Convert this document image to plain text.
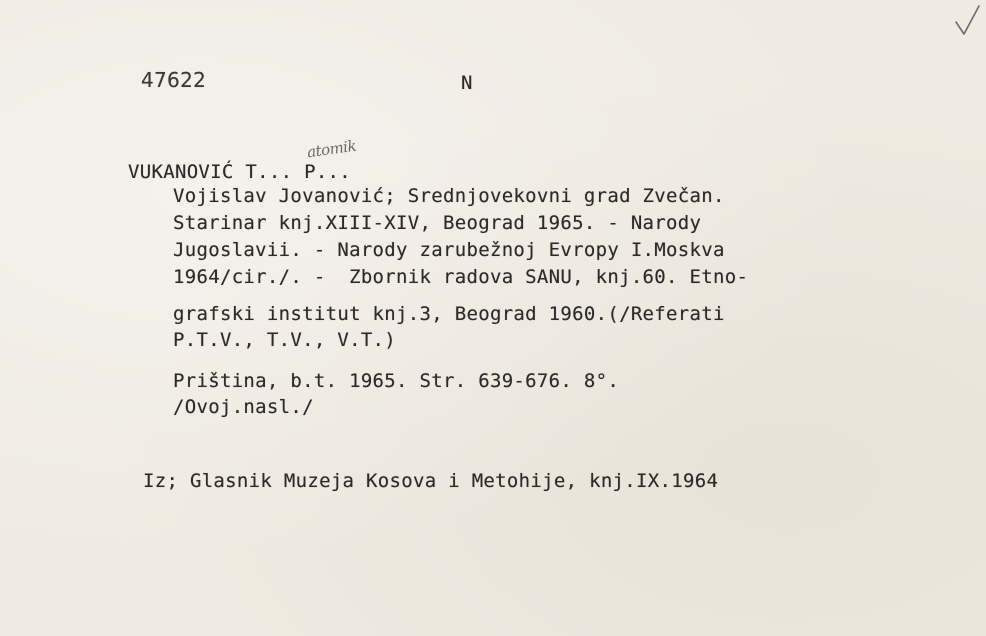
47622	N
atomik
VUKANOVIĆ T... P...
Vojislav Jovanović; Srednjovekovni grad Zvečan.
Starinar knj.XIII-XIV, Beograd 1965. - Narody
Jugoslavii. - Narody zarubežnoj Evropy I.Moskva
1964/cir./. -  Zbornik radova SANU, knj.60. Etno-
grafski institut knj.3, Beograd 1960.(/Referati
P.T.V., T.V., V.T.)
Priština, b.t. 1965. Str. 639-676. 8°.
/Ovoj.nasl./
Iz; Glasnik Muzeja Kosova i Metohije, knj.IX.1964
